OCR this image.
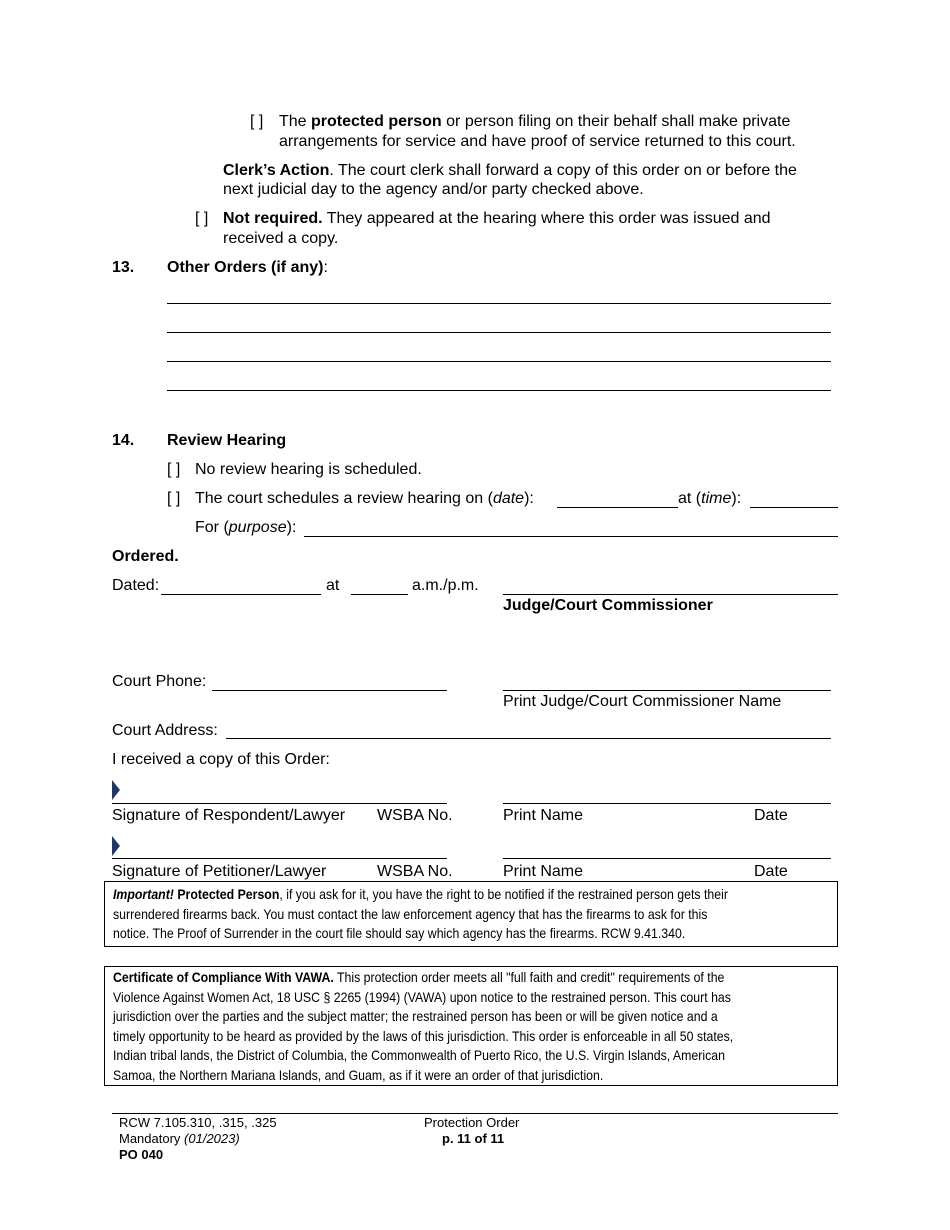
[ ] The protected person or person filing on their behalf shall make private
arrangements for service and have proof of service returned to this court.
Clerk’s Action. The court clerk shall forward a copy of this order on or before the
next judicial day to the agency and/or party checked above.
[ ] Not required. They appeared at the hearing where this order was issued and
received a copy.
13. Other Orders (if any):
14. Review Hearing
[ ] No review hearing is scheduled.
[ ] The court schedules a review hearing on (date):	at (time):
For (purpose):
Ordered.
Dated:	at	a.m./p.m.
Judge/Court Commissioner
Court Phone:
Print Judge/Court Commissioner Name
Court Address:
I received a copy of this Order:
Signature of Respondent/Lawyer WSBA No.	Print Name	Date
Signature of Petitioner/Lawyer	WSBA No.	Print Name	Date
Important! Protected Person, if you ask for it, you have the right to be notified if the restrained person gets their
surrendered firearms back. You must contact the law enforcement agency that has the firearms to ask for this
notice. The Proof of Surrender in the court file should say which agency has the firearms. RCW 9.41.340.
Certificate of Compliance With VAWA. This protection order meets all "full faith and credit" requirements of the
Violence Against Women Act, 18 USC § 2265 (1994) (VAWA) upon notice to the restrained person. This court has
jurisdiction over the parties and the subject matter; the restrained person has been or will be given notice and a
timely opportunity to be heard as provided by the laws of this jurisdiction. This order is enforceable in all 50 states,
Indian tribal lands, the District of Columbia, the Commonwealth of Puerto Rico, the U.S. Virgin Islands, American
Samoa, the Northern Mariana Islands, and Guam, as if it were an order of that jurisdiction.
RCW 7.105.310, .315, .325
Mandatory (01/2023)
PO 040
Protection Order
p. 11 of 11
